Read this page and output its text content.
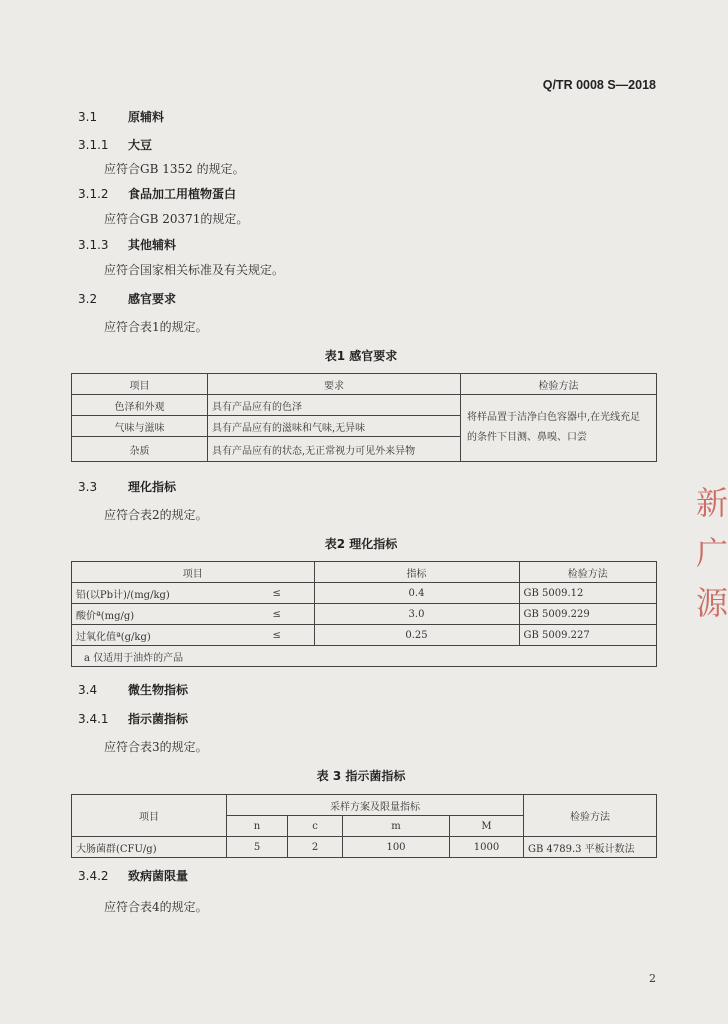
Q/TR 0008 S—2018
3.1	原辅料
3.1.1 大豆
应符合GB 1352 的规定。
3.1.2 食品加工用植物蛋白
应符合GB 20371的规定。
3.1.3 其他辅料
应符合国家相关标准及有关规定。
3.2	感官要求
应符合表1的规定。
表1 感官要求
项目	要求	检验方法
色泽和外观	具有产品应有的色泽	将样品置于洁净白色容器中,在光线充足的条件下目测、鼻嗅、口尝
气味与滋味	具有产品应有的滋味和气味,无异味	
杂质	具有产品应有的状态,无正常视力可见外来异物	
3.3	理化指标
应符合表2的规定。
表2 理化指标
项目		指标	检验方法
铅(以Pb计)/(mg/kg)	≤	0.4	GB 5009.12
酸价ª(mg/g)	≤	3.0	GB 5009.229
过氧化值ª(g/kg)	≤	0.25	GB 5009.227
a 仅适用于油炸的产品			
3.4	微生物指标
3.4.1 指示菌指标
应符合表3的规定。
表 3 指示菌指标
项目	采样方案及限量指标				检验方法
	n	c	m	M	
大肠菌群(CFU/g)	5	2	100	1000	GB 4789.3 平板计数法
3.4.2 致病菌限量
应符合表4的规定。
新 广 源
2
